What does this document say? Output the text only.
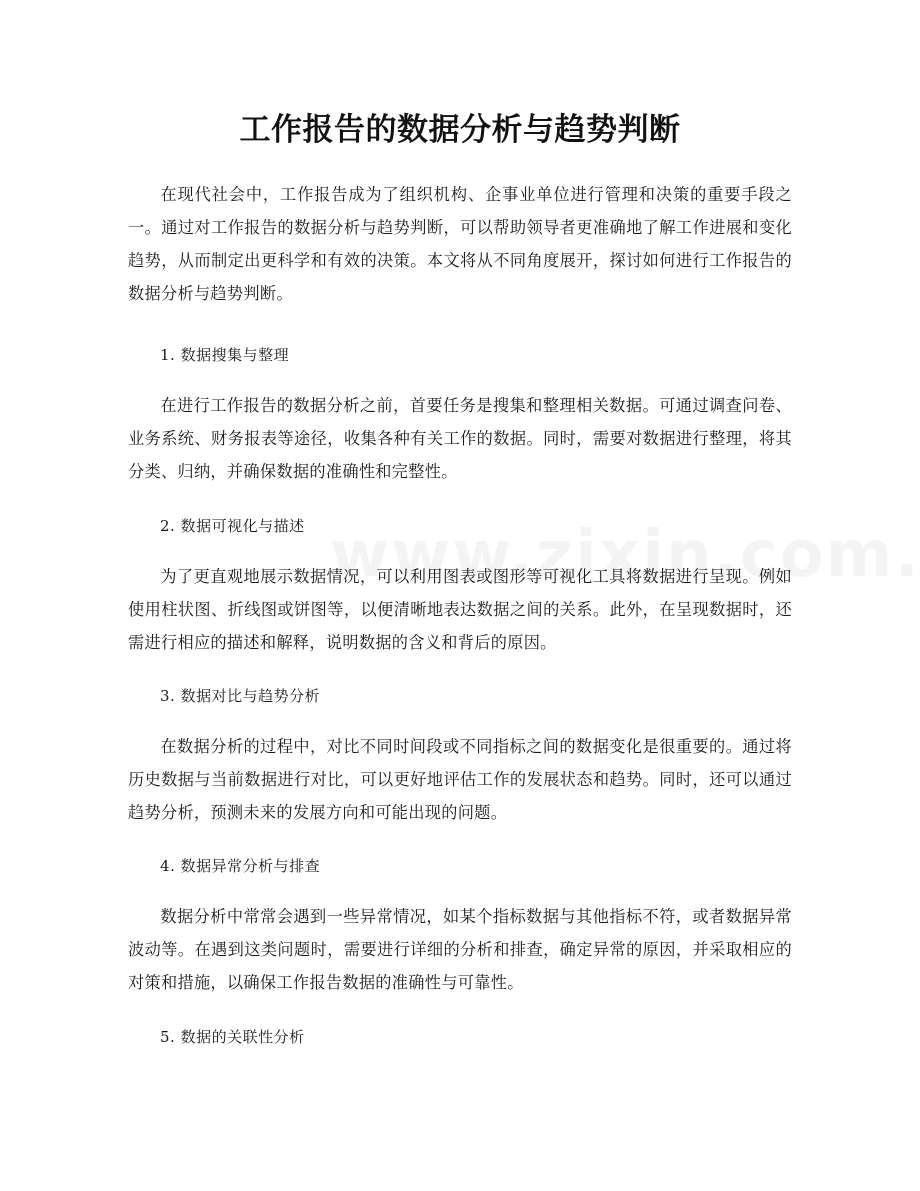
工作报告的数据分析与趋势判断

在现代社会中，工作报告成为了组织机构、企事业单位进行管理和决策的重要手段之一。通过对工作报告的数据分析与趋势判断，可以帮助领导者更准确地了解工作进展和变化趋势，从而制定出更科学和有效的决策。本文将从不同角度展开，探讨如何进行工作报告的数据分析与趋势判断。

1. 数据搜集与整理

在进行工作报告的数据分析之前，首要任务是搜集和整理相关数据。可通过调查问卷、业务系统、财务报表等途径，收集各种有关工作的数据。同时，需要对数据进行整理，将其分类、归纳，并确保数据的准确性和完整性。

2. 数据可视化与描述

为了更直观地展示数据情况，可以利用图表或图形等可视化工具将数据进行呈现。例如使用柱状图、折线图或饼图等，以便清晰地表达数据之间的关系。此外，在呈现数据时，还需进行相应的描述和解释，说明数据的含义和背后的原因。

3. 数据对比与趋势分析

在数据分析的过程中，对比不同时间段或不同指标之间的数据变化是很重要的。通过将历史数据与当前数据进行对比，可以更好地评估工作的发展状态和趋势。同时，还可以通过趋势分析，预测未来的发展方向和可能出现的问题。

4. 数据异常分析与排查

数据分析中常常会遇到一些异常情况，如某个指标数据与其他指标不符，或者数据异常波动等。在遇到这类问题时，需要进行详细的分析和排查，确定异常的原因，并采取相应的对策和措施，以确保工作报告数据的准确性与可靠性。

5. 数据的关联性分析
